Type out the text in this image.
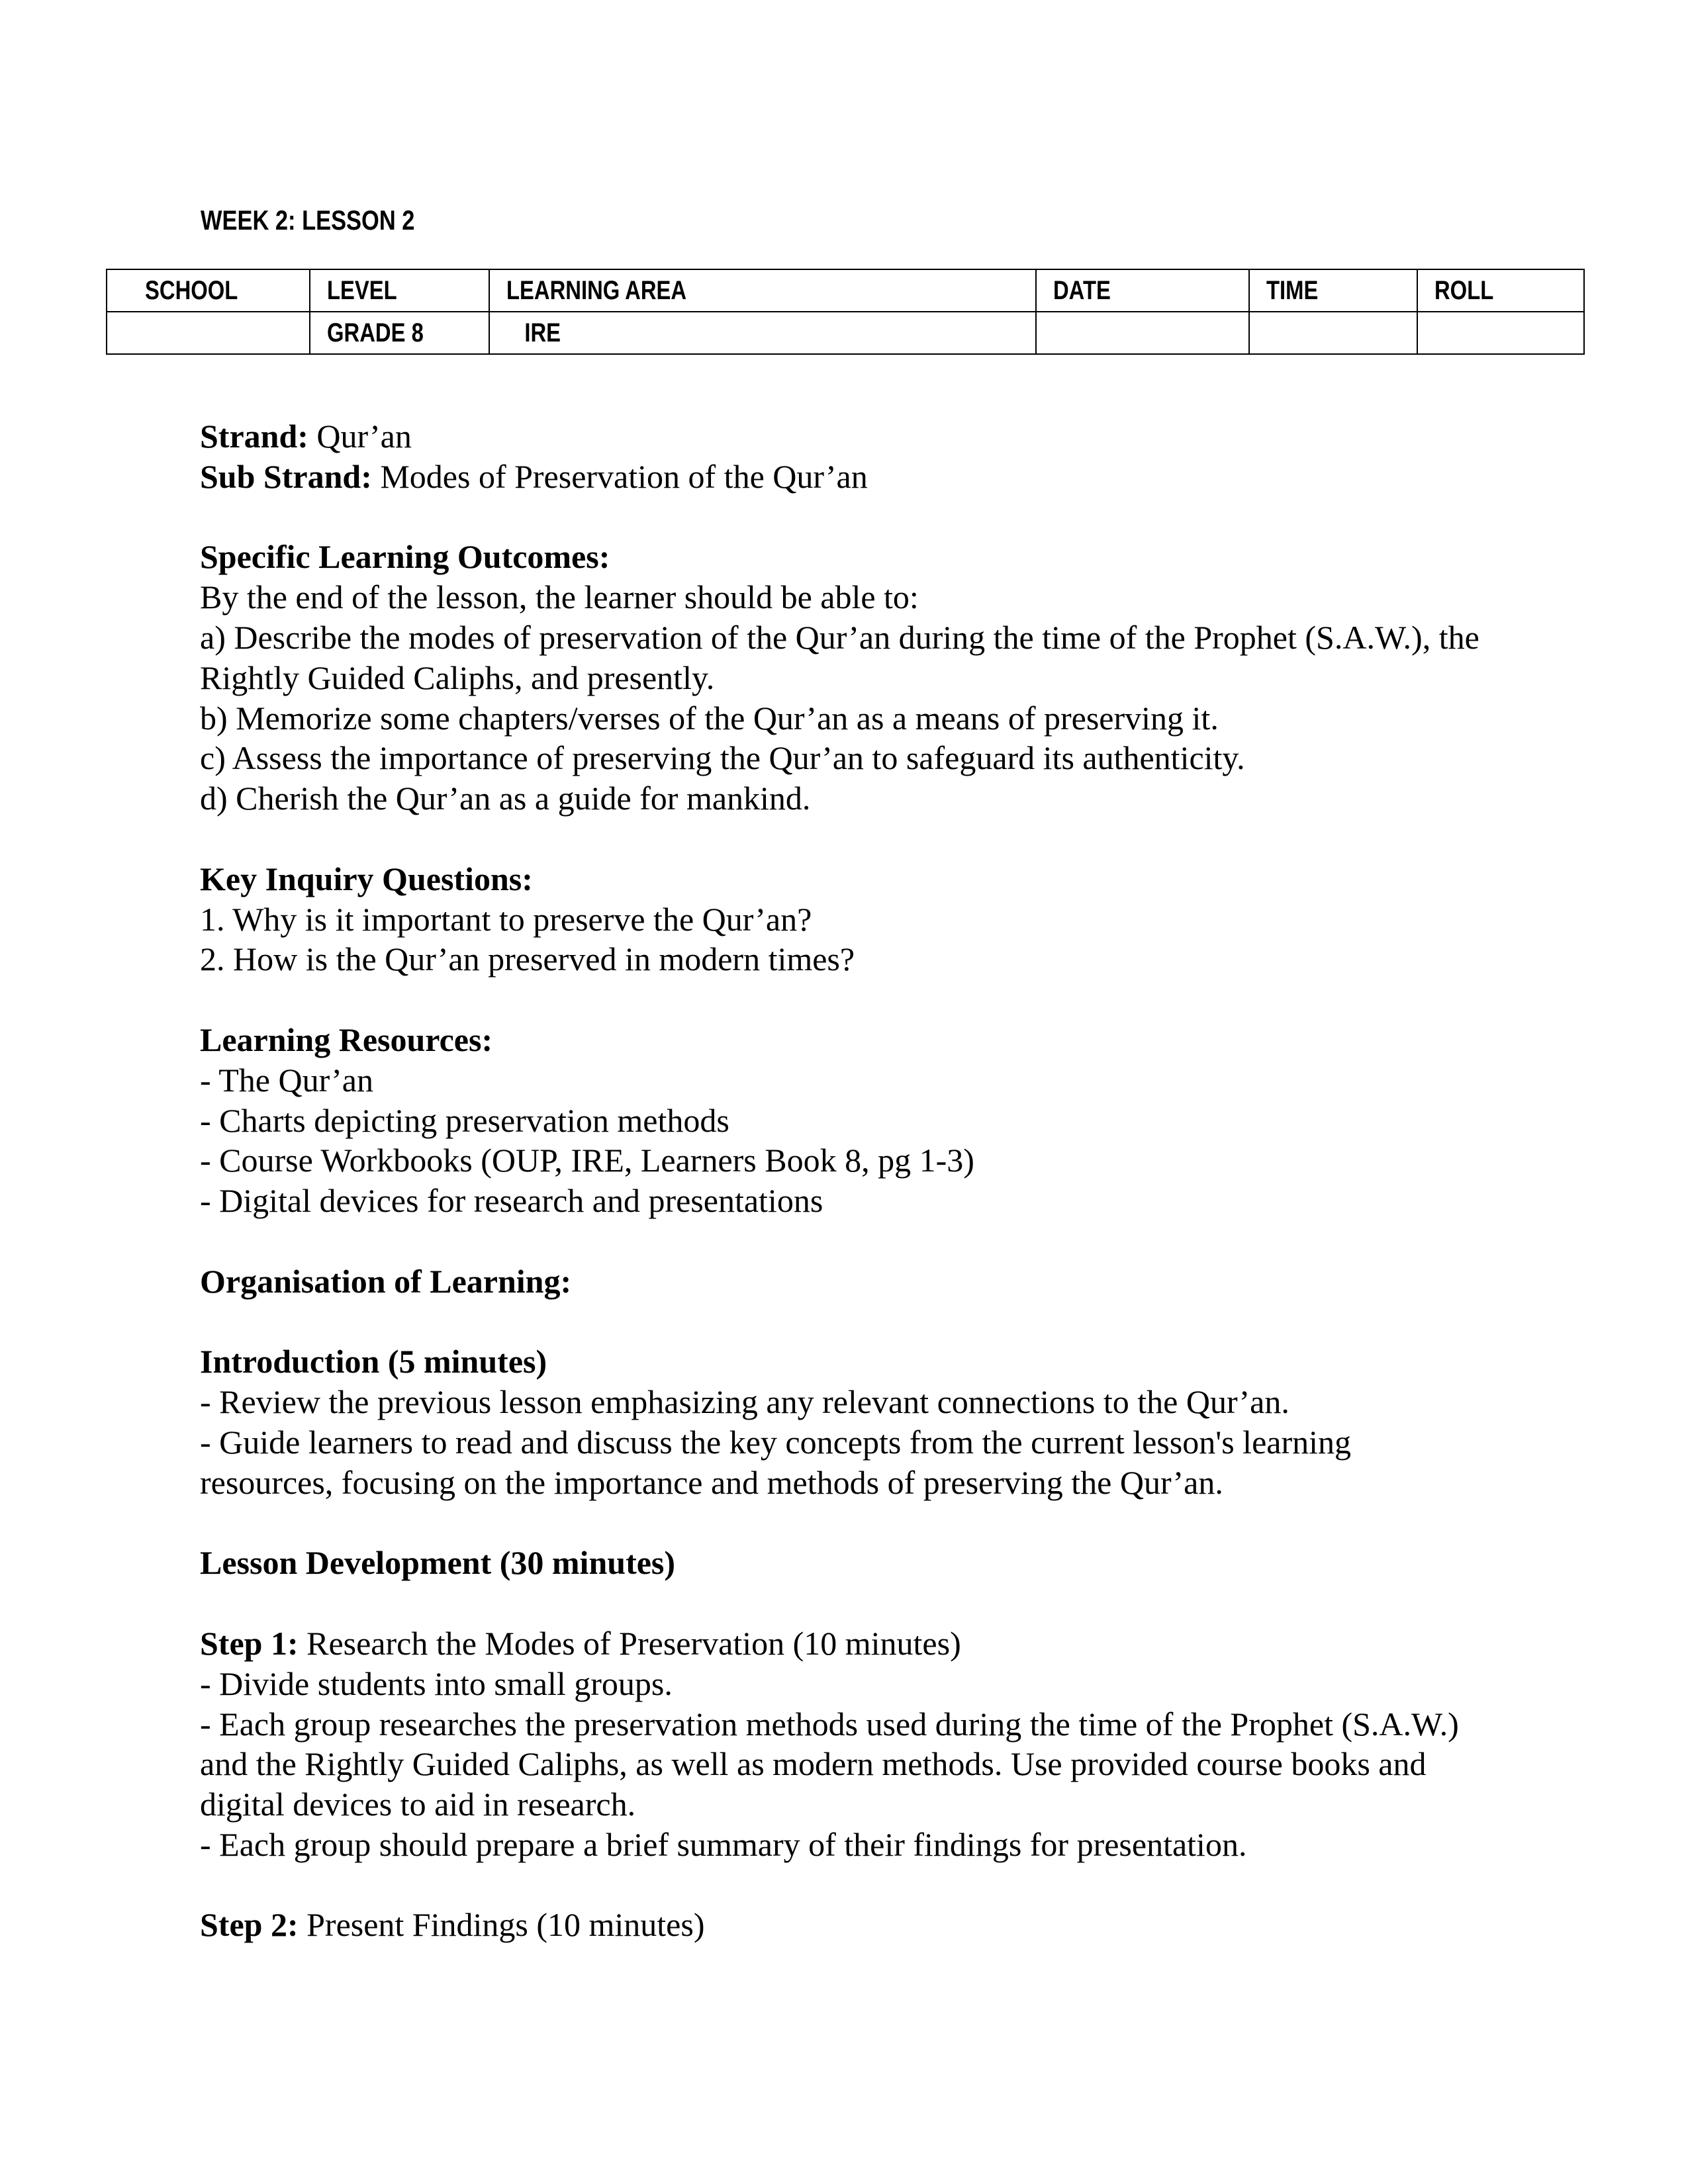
WEEK 2: LESSON 2
SCHOOL	LEVEL	LEARNING AREA	DATE	TIME	ROLL
	GRADE 8	IRE			
Strand: Qur’an
Sub Strand: Modes of Preservation of the Qur’an
Specific Learning Outcomes:
By the end of the lesson, the learner should be able to:
a) Describe the modes of preservation of the Qur’an during the time of the Prophet (S.A.W.), the
Rightly Guided Caliphs, and presently.
b) Memorize some chapters/verses of the Qur’an as a means of preserving it.
c) Assess the importance of preserving the Qur’an to safeguard its authenticity.
d) Cherish the Qur’an as a guide for mankind.
Key Inquiry Questions:
1. Why is it important to preserve the Qur’an?
2. How is the Qur’an preserved in modern times?
Learning Resources:
- The Qur’an
- Charts depicting preservation methods
- Course Workbooks (OUP, IRE, Learners Book 8, pg 1-3)
- Digital devices for research and presentations
Organisation of Learning:
Introduction (5 minutes)
- Review the previous lesson emphasizing any relevant connections to the Qur’an.
- Guide learners to read and discuss the key concepts from the current lesson's learning
resources, focusing on the importance and methods of preserving the Qur’an.
Lesson Development (30 minutes)
Step 1: Research the Modes of Preservation (10 minutes)
- Divide students into small groups.
- Each group researches the preservation methods used during the time of the Prophet (S.A.W.)
and the Rightly Guided Caliphs, as well as modern methods. Use provided course books and
digital devices to aid in research.
- Each group should prepare a brief summary of their findings for presentation.
Step 2: Present Findings (10 minutes)
